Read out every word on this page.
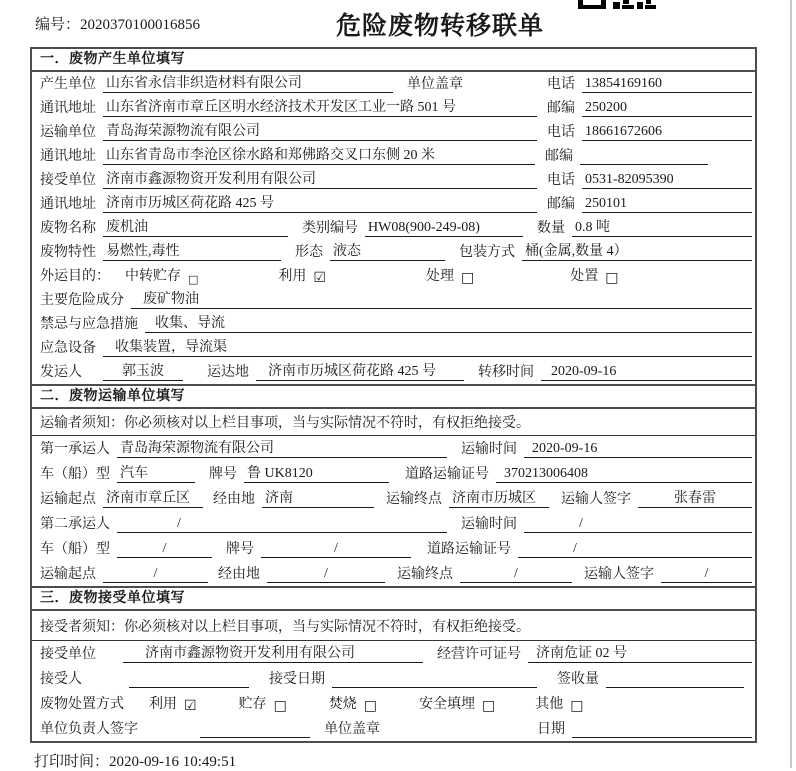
编号：2020370100016856	危险废物转移联单
一．废物产生单位填写
产生单位 山东省永信非织造材料有限公司	单位盖章	电话 13854169160
通讯地址 山东省济南市章丘区明水经济技术开发区工业一路 501 号	邮编 250200
运输单位 青岛海荣源物流有限公司	电话 18661672606
通讯地址 山东省青岛市李沧区徐水路和郑佛路交叉口东侧 20 米	邮编
接受单位 济南市鑫源物资开发利用有限公司	电话 0531-82095390
通讯地址 济南市历城区荷花路 425 号	邮编 250101
废物名称 废机油	类别编号 HW08(900-249-08)	数量 0.8 吨
废物特性 易燃性,毒性	形态 液态	包装方式 桶(金属,数量 4）
外运目的： 中转贮存 □	利用 ☑	处理 □	处置 □
主要危险成分	废矿物油
禁忌与应急措施	收集、导流
应急设备	收集装置，导流渠
发运人	郭玉波	运达地	济南市历城区荷花路 425 号	转移时间	2020-09-16
二．废物运输单位填写
运输者须知：你必须核对以上栏目事项，当与实际情况不符时，有权拒绝接受。
第一承运人 青岛海荣源物流有限公司	运输时间	2020-09-16
车（船）型 汽车	牌号 鲁 UK8120	道路运输证号	370213006408
运输起点 济南市章丘区	经由地 济南	运输终点 济南市历城区	运输人签字	张春雷
第二承运人	/	运输时间	/
车（船）型	/	牌号	/	道路运输证号	/
运输起点	/	经由地	/	运输终点	/	运输人签字	/
三．废物接受单位填写
接受者须知：你必须核对以上栏目事项，当与实际情况不符时，有权拒绝接受。
接受单位	济南市鑫源物资开发利用有限公司	经营许可证号	济南危证 02 号
接受人	接受日期	签收量
废物处置方式 利用 ☑	贮存 □	焚烧 □	安全填埋 □	其他 □
单位负责人签字	单位盖章	日期
打印时间：2020-09-16 10:49:51
